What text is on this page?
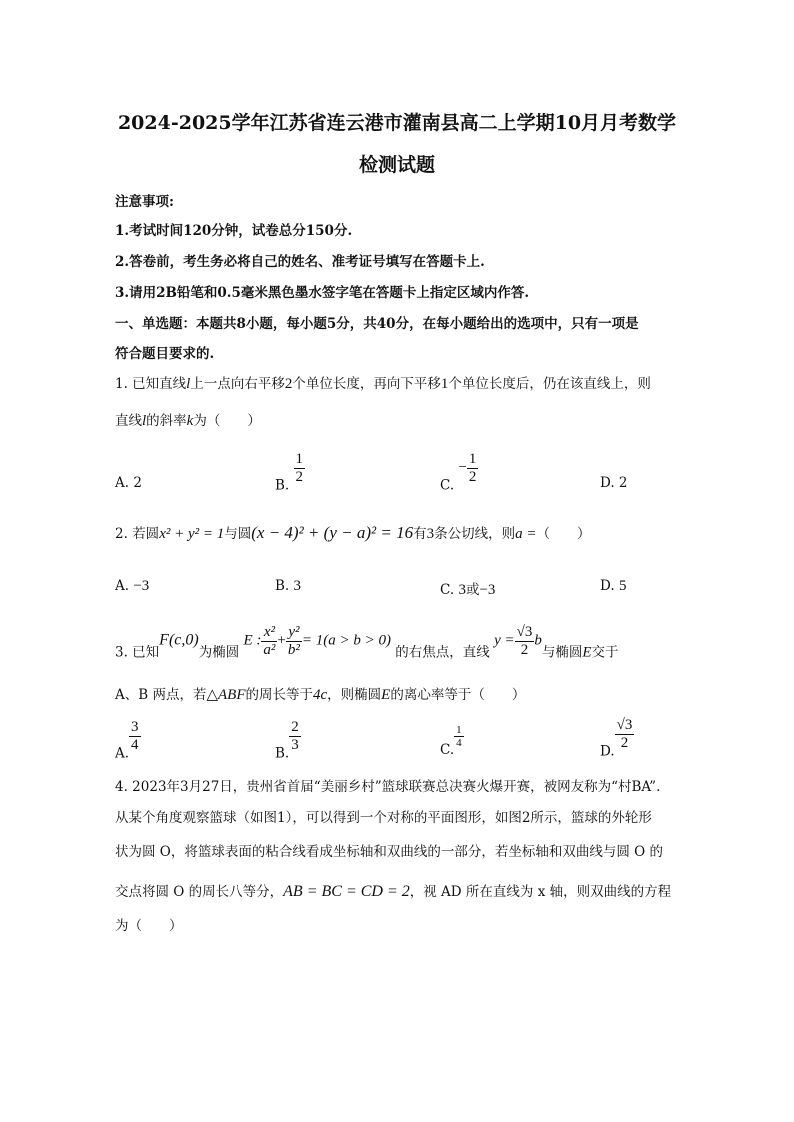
2024-2025学年江苏省连云港市灌南县高二上学期10月月考数学
检测试题
注意事项:
1.考试时间120分钟，试卷总分150分.
2.答卷前，考生务必将自己的姓名、准考证号填写在答题卡上.
3.请用2B铅笔和0.5毫米黑色墨水签字笔在答题卡上指定区域内作答.
一、单选题：本题共8小题，每小题5分，共40分，在每小题给出的选项中，只有一项是
符合题目要求的.
1. 已知直线l上一点向右平移2个单位长度，再向下平移1个单位长度后，仍在该直线上，则
直线l的斜率k为（　　）
A. 2	B.
$\frac{1}{2}$
C. − $\frac{1}{2}$	D. 2
2. 若圆x² + y² = 1与圆(x − 4)² + (y − a)² = 16有3条公切线，则a =（　　）
A. −3	B. 3	C. 3或−3	D. 5
3. 已知F(c,0)为椭圆 E : $\frac{\text{x²}}{\text{a²}} + \frac{\text{y²}}{\text{b²}} = 1(a > b > 0)$ 的右焦点，直线 $y = \frac{√3}{2}$ b与椭圆E交于
A、B 两点，若△ABF的周长等于4c，则椭圆E的离心率等于（　　）
A.
$\frac{3}{4}$
B.
$\frac{2}{3}$	C.
$\frac{1}{4}$
D.
$\frac{√3}{2}$
4. 2023年3月27日，贵州省首届“美丽乡村”篮球联赛总决赛火爆开赛，被网友称为“村BA”.
从某个角度观察篮球（如图1），可以得到一个对称的平面图形，如图2所示，篮球的外轮形
状为圆 O，将篮球表面的粘合线看成坐标轴和双曲线的一部分，若坐标轴和双曲线与圆 O 的
交点将圆 O 的周长八等分，AB = BC = CD = 2，视 AD 所在直线为 x 轴，则双曲线的方程
为（　　）
